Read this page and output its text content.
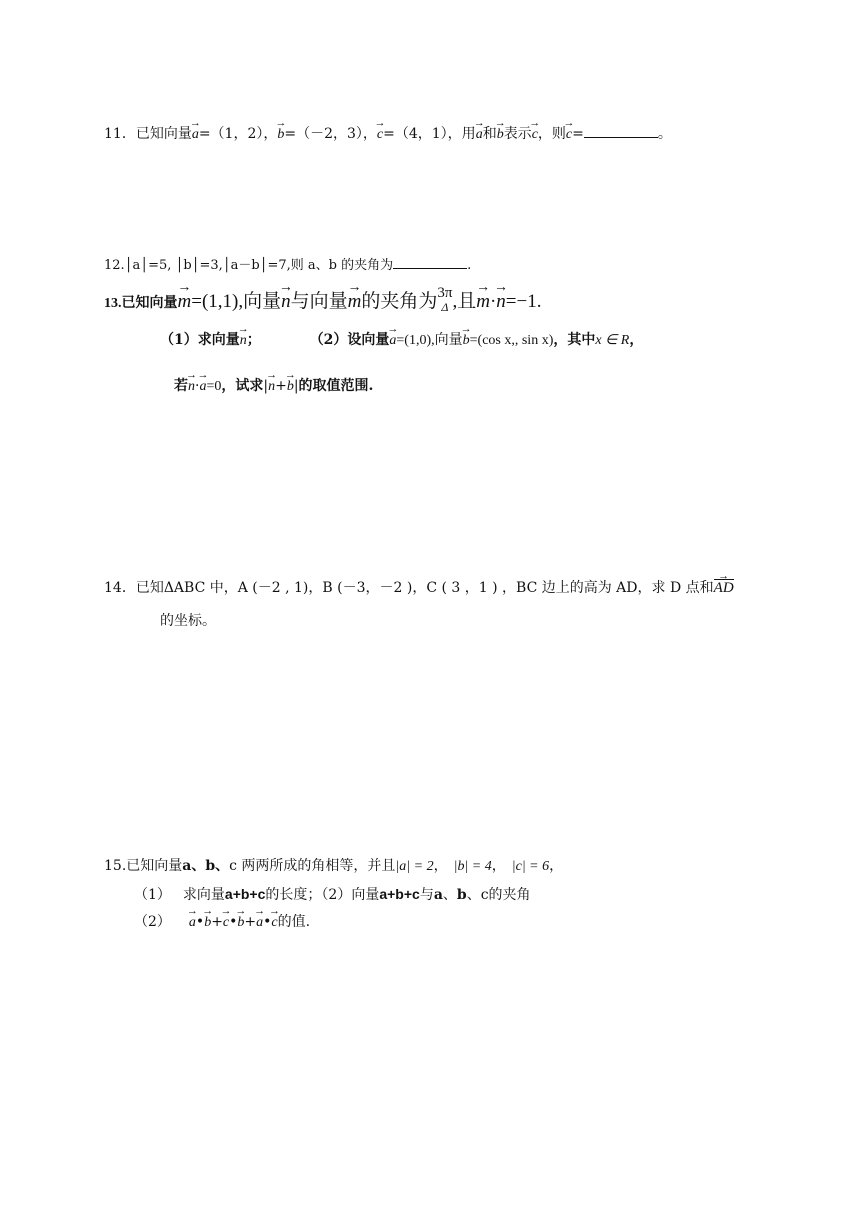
11．已知向量→ a=（1，2），→ b=（－2，3），→ c=（4，1），用→ a和→ b表示→ c，则→ c=	。
12.│a│=5, │b│=3,│a－b│=7,则 a、b 的夹角为	.
13.已知向量→ m=(1,1),向量→ n与向量→ m的夹角为 3π
Δ ,且→ m·→ n=−1.
（1）求向量→ n；	（2）设向量→ a=(1,0),向量→ b=(cos x,, sin x)，其中x ∈ R，
若→ n·→ a=0，试求|→ n+→ b|的取值范围.
14．已知ΔABC 中，A (－2 , 1)，B (－3，－2 )，C ( 3 ，1 ) ，BC 边上的高为 AD，求 D 点和→ AD
的坐标。
15.已知向量a、b、c 两两所成的角相等，并且|a| = 2， |b| = 4， |c| = 6，
（1） 求向量a+b+c的长度；（2）向量a+b+c与a、b、c的夹角
（2） → a•→ b+→ c•→ b+→ a•→ c的值.
